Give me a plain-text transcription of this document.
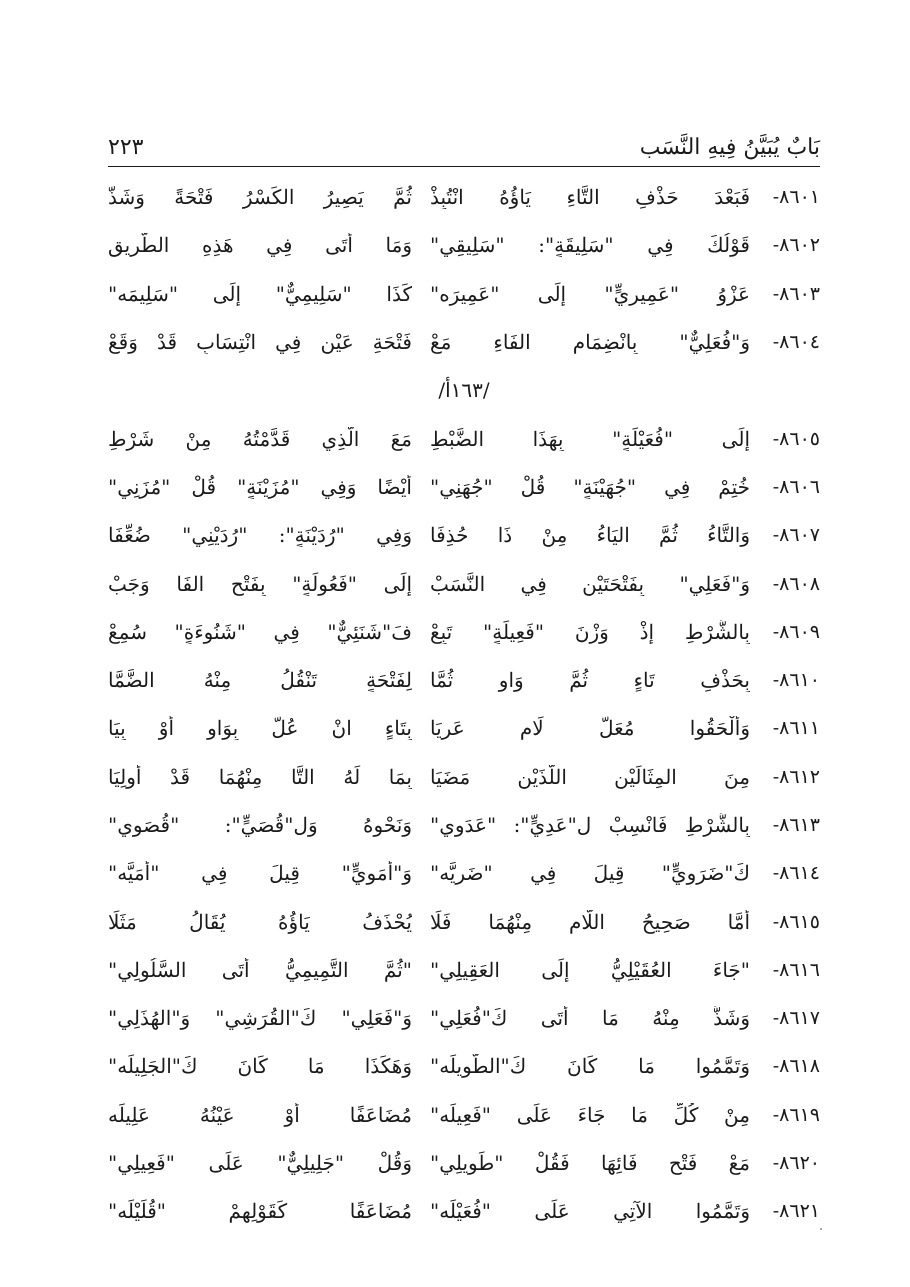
بَابٌ يُبَيَّنُ فِيهِ النَّسَب
٢٢٣
٨٦٠١-
فَبَعْدَ حَذْفِ التَّاءِ يَاؤُهُ انْتُبِذْ
ثُمَّ يَصِيرُ الكَسْرُ فَتْحَةً وَشَذّ
٨٦٠٢-
قَوْلُكَ فِي "سَلِيقَةٍ": "سَلِيقِي"
وَمَا أَتَى فِي هَذِهِ الطَّرِيقِ
٨٦٠٣-
عَزْوُ "عَمِيرِيٍّ" إِلَى "عَمِيرَه"
كَذَا "سَلِيمِيٌّ" إِلَى "سَلِيمَه"
٨٦٠٤-
وَ"فُعَلِيٌّ" بِانْضِمَامِ الفَاءِ مَعْ
فَتْحَةِ عَيْنٍ فِي انْتِسَابٍ قَدْ وَقَعْ
/١٦٣أ/
٨٦٠٥-
إِلَى "فُعَيْلَةٍ" بِهَذَا الضَّبْطِ
مَعَ الَّذِي قَدَّمْتُهُ مِنْ شَرْطِ
٨٦٠٦-
خُتِمْ فِي "جُهَيْنَةٍ" قُلْ "جُهَنِي"
أَيْضًا وَفِي "مُزَيْنَةٍ" قُلْ "مُزَنِي"
٨٦٠٧-
وَالتَّاءُ ثُمَّ اليَاءُ مِنْ ذَا حُذِفَا
وَفِي "رُدَيْنَةٍ": "رُدَيْنِي" ضُعِّفَا
٨٦٠٨-
وَ"فَعَلِي" بِفَتْحَتَيْنِ فِي النَّسَبْ
إِلَى "فَعُولَةٍ" بِفَتْحِ الفَا وَجَبْ
٨٦٠٩-
بِالشَّرْطِ إِذْ وَزْنَ "فَعِيلَةٍ" تَبِعْ
فَ"شَنَئِيٌّ" فِي "شَنُوءَةٍ" سُمِعْ
٨٦١٠-
بِحَذْفِ تَاءٍ ثُمَّ وَاوٍ ثُمَّا
لِفَتْحَةٍ تَنْقُلُ مِنْهُ الضَّمَّا
٨٦١١-
وَأَلْحَقُوا مُعَلَّ لَامٍ عَرِيَا
بِتَاءٍ انْ عُلَّ بِوَاوٍ أَوْ بِيَا
٨٦١٢-
مِنَ المِثَالَيْنِ اللَّذَيْنِ مَضَيَا
بِمَا لَهُ التَّا مِنْهُمَا قَدْ أُولِيَا
٨٦١٣-
بِالشَّرْطِ فَانْسِبْ لِ"عَدِيٍّ": "عَدَوِي"
وَنَحْوِهُ وَلِ"قُصَيٍّ": "قُصَوِي"
٨٦١٤-
كَ"ضَرَوِيٍّ" قِيلَ فِي "ضَرِيَّه"
وَ"أُمَوِيٍّ" قِيلَ فِي "أُمَيَّه"
٨٦١٥-
أَمَّا صَحِيحُ اللَّامِ مِنْهُمَا فَلَا
يُحْذَفُ يَاؤُهُ يُقَالُ مَثَلَا
٨٦١٦-
"جَاءَ العُقَيْلِيُّ إِلَى العَقِيلِي"
"ثُمَّ التَّمِيمِيُّ أَتَى السَّلُولِي"
٨٦١٧-
وَشَذَّ مِنْهُ مَا أَتَى كَ"فُعَلِي"
وَ"فَعَلِي" كَ"القُرَشِي" وَ"الهُذَلِي"
٨٦١٨-
وَتَمَّمُوا مَا كَانَ كَ"الطَّوِيلَه"
وَهَكَذَا مَا كَانَ كَ"الجَلِيلَه"
٨٦١٩-
مِنْ كُلِّ مَا جَاءَ عَلَى "فَعِيلَه"
مُضَاعَفًا أَوْ عَيْنُهُ عَلِيلَه
٨٦٢٠-
مَعْ فَتْحِ فَائِهَا فَقُلْ "طَوِيلِي"
وَقُلْ "جَلِيلِيٌّ" عَلَى "فَعِيلِي"
٨٦٢١-
وَتَمَّمُوا الآتِي عَلَى "فُعَيْلَه"
مُضَاعَفًا كَقَوْلِهِمْ "قُلَيْلَه"
